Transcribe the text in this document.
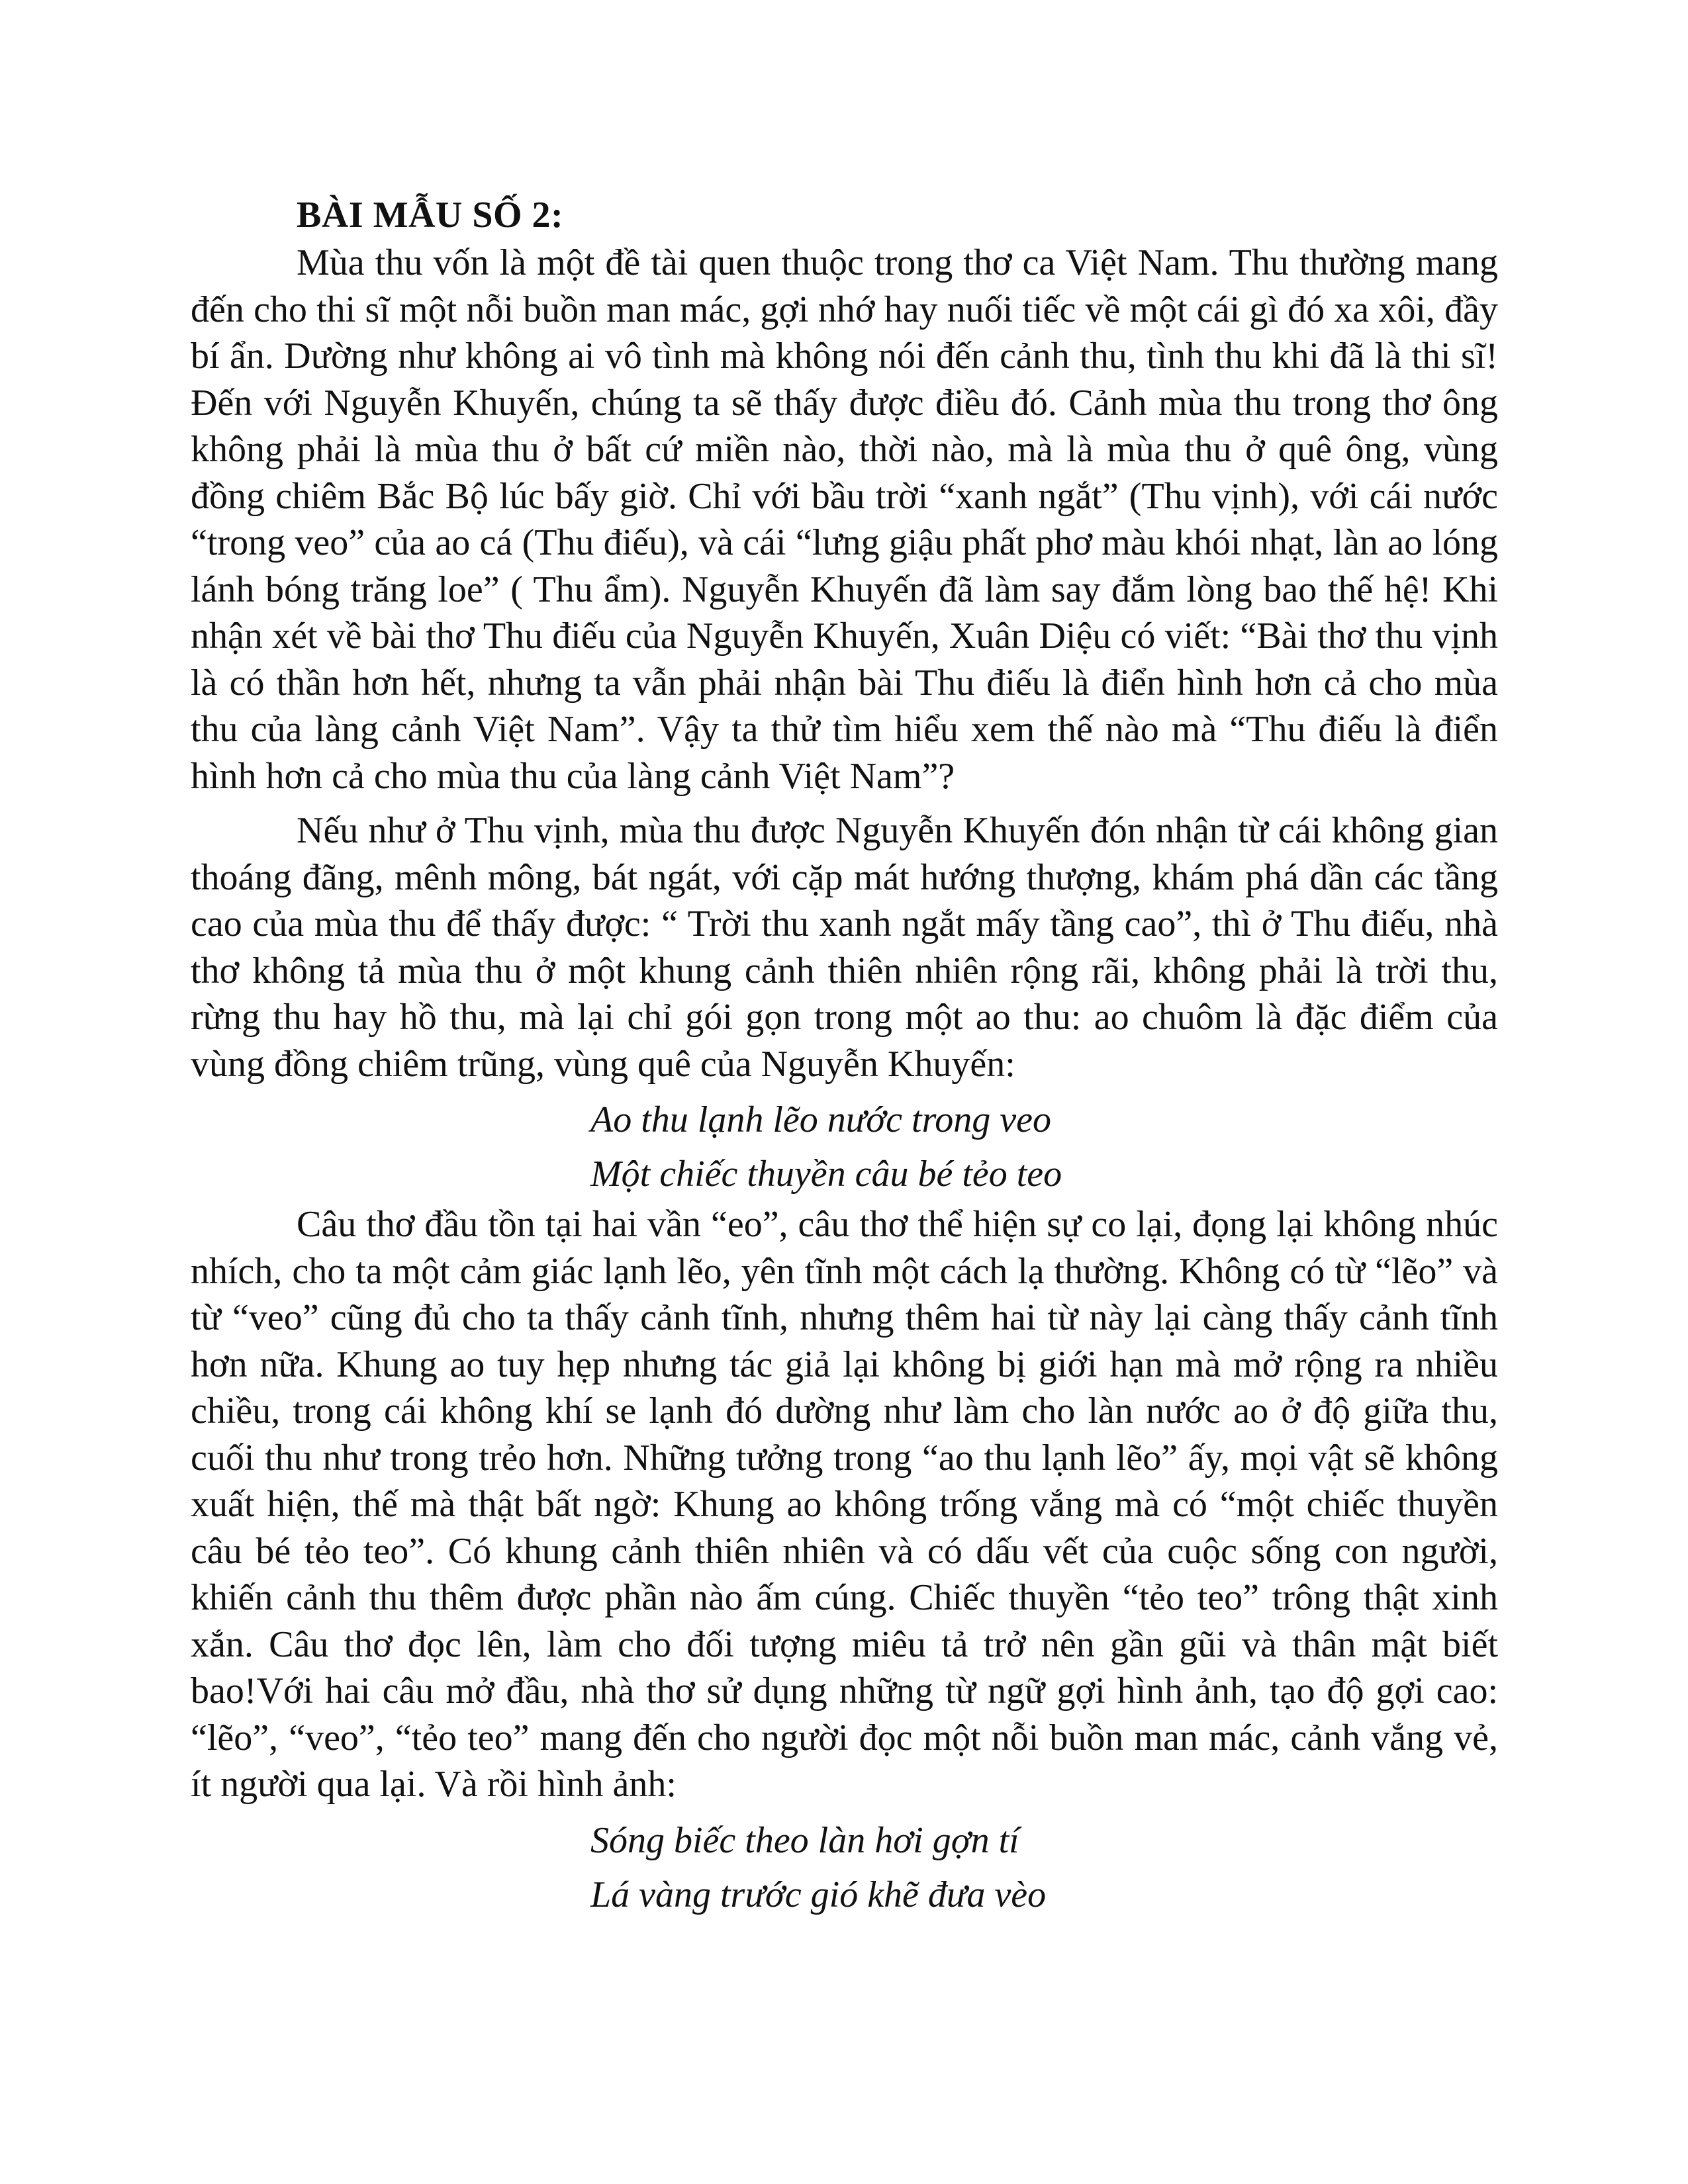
BÀI MẪU SỐ 2:

Mùa thu vốn là một đề tài quen thuộc trong thơ ca Việt Nam. Thu thường mang đến cho thi sĩ một nỗi buồn man mác, gợi nhớ hay nuối tiếc về một cái gì đó xa xôi, đầy bí ẩn. Dường như không ai vô tình mà không nói đến cảnh thu, tình thu khi đã là thi sĩ! Đến với Nguyễn Khuyến, chúng ta sẽ thấy được điều đó. Cảnh mùa thu trong thơ ông không phải là mùa thu ở bất cứ miền nào, thời nào, mà là mùa thu ở quê ông, vùng đồng chiêm Bắc Bộ lúc bấy giờ. Chỉ với bầu trời “xanh ngắt” (Thu vịnh), với cái nước “trong veo” của ao cá (Thu điếu), và cái “lưng giậu phất phơ màu khói nhạt, làn ao lóng lánh bóng trăng loe” ( Thu ẩm). Nguyễn Khuyến đã làm say đắm lòng bao thế hệ! Khi nhận xét về bài thơ Thu điếu của Nguyễn Khuyến, Xuân Diệu có viết: “Bài thơ thu vịnh là có thần hơn hết, nhưng ta vẫn phải nhận bài Thu điếu là điển hình hơn cả cho mùa thu của làng cảnh Việt Nam”. Vậy ta thử tìm hiểu xem thế nào mà “Thu điếu là điển hình hơn cả cho mùa thu của làng cảnh Việt Nam”?

Nếu như ở Thu vịnh, mùa thu được Nguyễn Khuyến đón nhận từ cái không gian thoáng đãng, mênh mông, bát ngát, với cặp mát hướng thượng, khám phá dần các tầng cao của mùa thu để thấy được: “ Trời thu xanh ngắt mấy tầng cao”, thì ở Thu điếu, nhà thơ không tả mùa thu ở một khung cảnh thiên nhiên rộng rãi, không phải là trời thu, rừng thu hay hồ thu, mà lại chỉ gói gọn trong một ao thu: ao chuôm là đặc điểm của vùng đồng chiêm trũng, vùng quê của Nguyễn Khuyến:

Ao thu lạnh lẽo nước trong veo

Một chiếc thuyền câu bé tẻo teo

Câu thơ đầu tồn tại hai vần “eo”, câu thơ thể hiện sự co lại, đọng lại không nhúc nhích, cho ta một cảm giác lạnh lẽo, yên tĩnh một cách lạ thường. Không có từ “lẽo” và từ “veo” cũng đủ cho ta thấy cảnh tĩnh, nhưng thêm hai từ này lại càng thấy cảnh tĩnh hơn nữa. Khung ao tuy hẹp nhưng tác giả lại không bị giới hạn mà mở rộng ra nhiều chiều, trong cái không khí se lạnh đó dường như làm cho làn nước ao ở độ giữa thu, cuối thu như trong trẻo hơn. Những tưởng trong “ao thu lạnh lẽo” ấy, mọi vật sẽ không xuất hiện, thế mà thật bất ngờ: Khung ao không trống vắng mà có “một chiếc thuyền câu bé tẻo teo”. Có khung cảnh thiên nhiên và có dấu vết của cuộc sống con người, khiến cảnh thu thêm được phần nào ấm cúng. Chiếc thuyền “tẻo teo” trông thật xinh xắn. Câu thơ đọc lên, làm cho đối tượng miêu tả trở nên gần gũi và thân mật biết bao!Với hai câu mở đầu, nhà thơ sử dụng những từ ngữ gợi hình ảnh, tạo độ gợi cao: “lẽo”, “veo”, “tẻo teo” mang đến cho người đọc một nỗi buồn man mác, cảnh vắng vẻ, ít người qua lại. Và rồi hình ảnh:

Sóng biếc theo làn hơi gợn tí

Lá vàng trước gió khẽ đưa vèo
